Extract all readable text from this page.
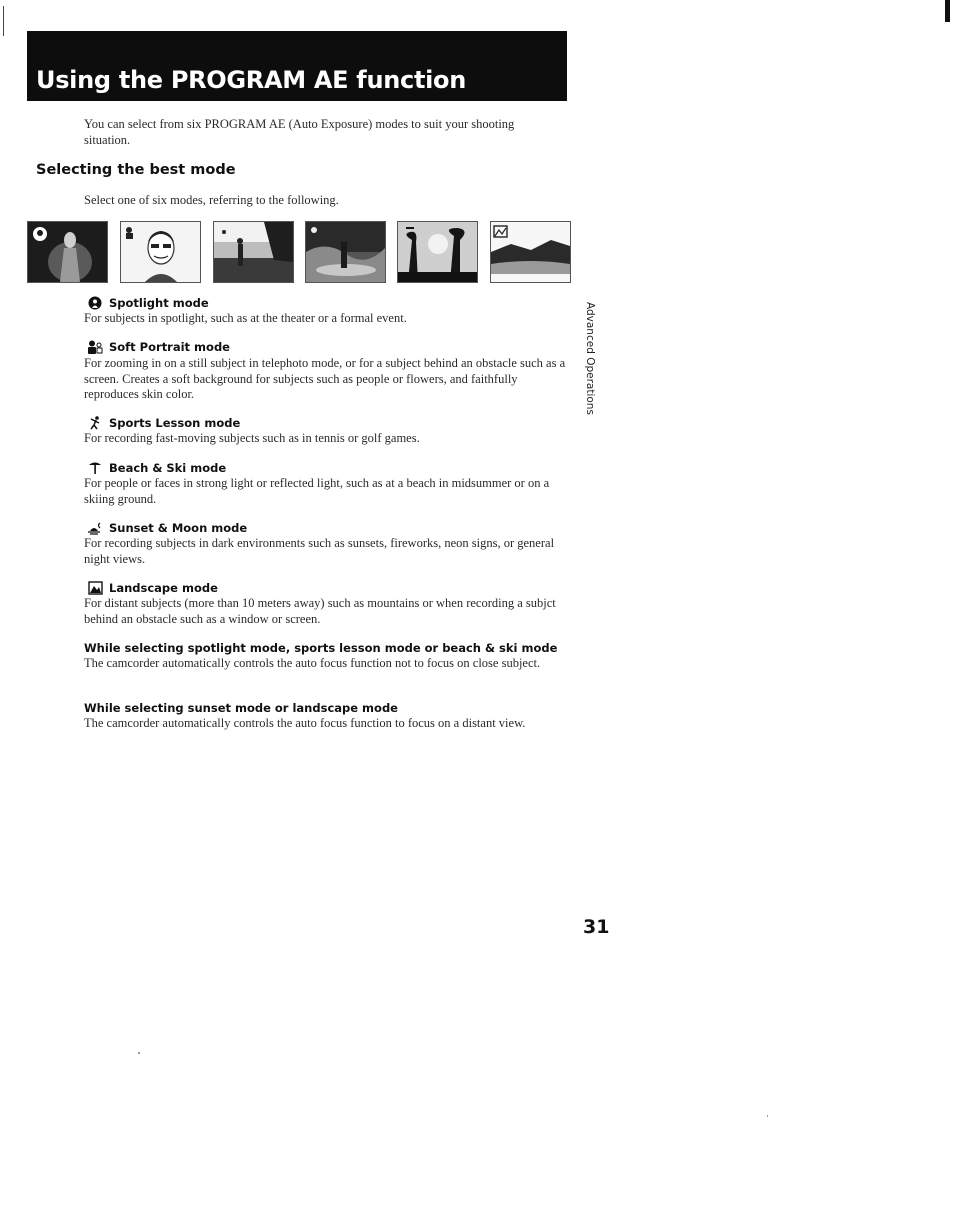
Using the PROGRAM AE function
You can select from six PROGRAM AE (Auto Exposure) modes to suit your shooting situation.
Selecting the best mode
Select one of six modes, referring to the following.
Spotlight mode
For subjects in spotlight, such as at the theater or a formal event.
Soft Portrait mode
For zooming in on a still subject in telephoto mode, or for a subject behind an obstacle such as a screen. Creates a soft background for subjects such as people or flowers, and faithfully reproduces skin color.
Sports Lesson mode
For recording fast-moving subjects such as in tennis or golf games.
Beach & Ski mode
For people or faces in strong light or reflected light, such as at a beach in midsummer or on a skiing ground.
Sunset & Moon mode
For recording subjects in dark environments such as sunsets, fireworks, neon signs, or general night views.
Landscape mode
For distant subjects (more than 10 meters away) such as mountains or when recording a subjct behind an obstacle such as a window or screen.
While selecting spotlight mode, sports lesson mode or beach & ski mode
The camcorder automatically controls the auto focus function not to focus on close subject.
While selecting sunset mode or landscape mode
The camcorder automatically controls the auto focus function to focus on a distant view.
Advanced Operations
31
